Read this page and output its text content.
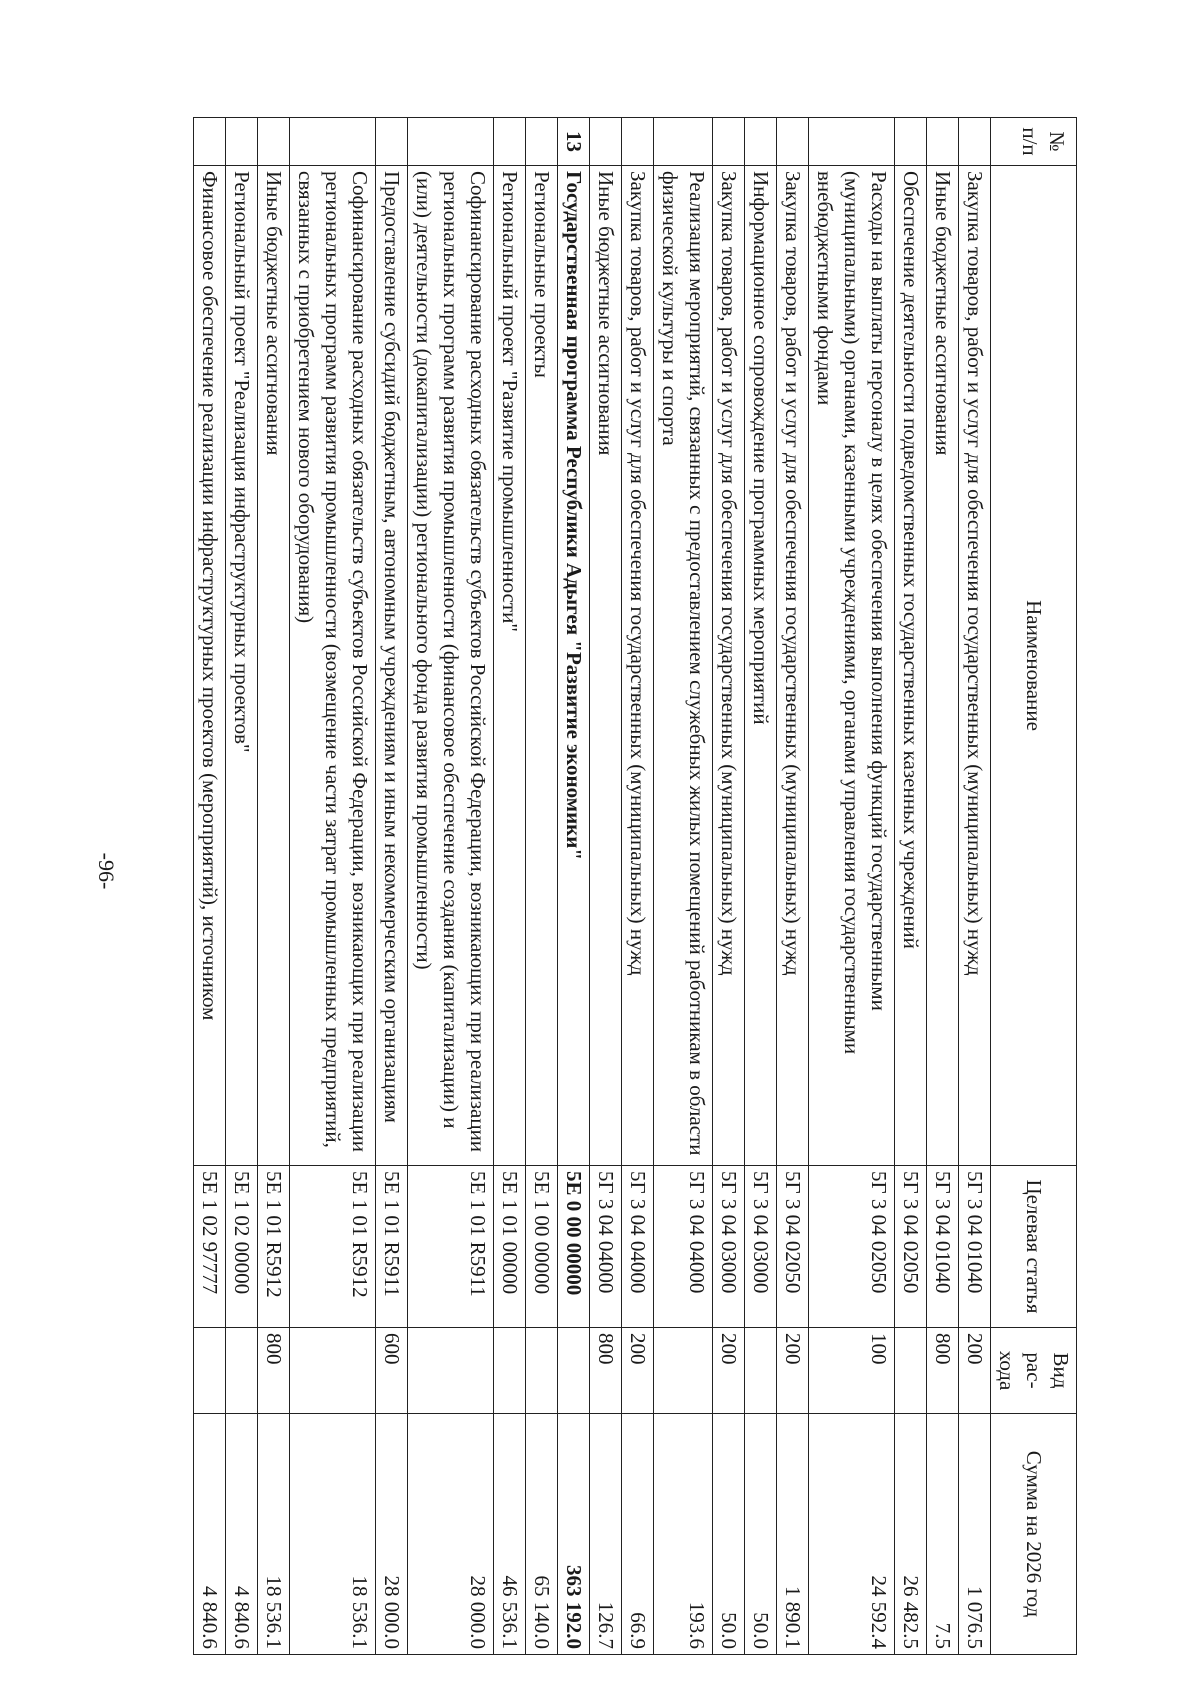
-96-
№ п/п	Наименование	Целевая статья	Вид рас- хода	Сумма на 2026 год
	Закупка товаров, работ и услуг для обеспечения государственных (муниципальных) нужд	5Г 3 04 01040	200	1 076.5
	Иные бюджетные ассигнования	5Г 3 04 01040	800	7.5
	Обеспечение деятельности подведомственных государственных казенных учреждений	5Г 3 04 02050		26 482.5
	Расходы на выплаты персоналу в целях обеспечения выполнения функций государственными (муниципальными) органами, казенными учреждениями, органами управления государственными внебюджетными фондами	5Г 3 04 02050	100	24 592.4
	Закупка товаров, работ и услуг для обеспечения государственных (муниципальных) нужд	5Г 3 04 02050	200	1 890.1
	Информационное сопровождение программных мероприятий	5Г 3 04 03000		50.0
	Закупка товаров, работ и услуг для обеспечения государственных (муниципальных) нужд	5Г 3 04 03000	200	50.0
	Реализация мероприятий, связанных с предоставлением служебных жилых помещений работникам в области физической культуры и спорта	5Г 3 04 04000		193.6
	Закупка товаров, работ и услуг для обеспечения государственных (муниципальных) нужд	5Г 3 04 04000	200	66.9
	Иные бюджетные ассигнования	5Г 3 04 04000	800	126.7
13	Государственная программа Республики Адыгея "Развитие экономики"	5Е 0 00 00000		363 192.0
	Региональные проекты	5Е 1 00 00000		65 140.0
	Региональный проект "Развитие промышленности"	5Е 1 01 00000		46 536.1
	Софинансирование расходных обязательств субъектов Российской Федерации, возникающих при реализации региональных программ развития промышленности (финансовое обеспечение создания (капитализации) и (или) деятельности (докапитализации) регионального фонда развития промышленности)	5Е 1 01 R5911		28 000.0
	Предоставление субсидий бюджетным, автономным учреждениям и иным некоммерческим организациям	5Е 1 01 R5911	600	28 000.0
	Софинансирование расходных обязательств субъектов Российской Федерации, возникающих при реализации региональных программ развития промышленности (возмещение части затрат промышленных предприятий, связанных с приобретением нового оборудования)	5Е 1 01 R5912		18 536.1
	Иные бюджетные ассигнования	5Е 1 01 R5912	800	18 536.1
	Региональный проект "Реализация инфраструктурных проектов"	5Е 1 02 00000		4 840.6
	Финансовое обеспечение реализации инфраструктурных проектов (мероприятий), источником	5Е 1 02 97777		4 840.6
